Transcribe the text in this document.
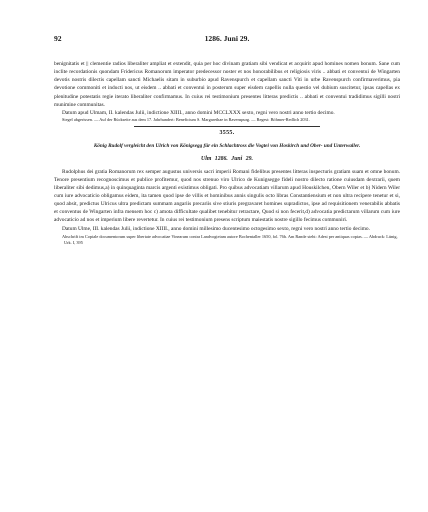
92	1286. Juni 29.

benignitatis et || clementie radios liberaliter ampliat et extendit, quia per hoc divinam gratiam sibi vendicat et acquirit apud homines nomen bonum. Sane cum inclite recordationis quondam Fridericus Romanorum imperator predecessor noster et nos honorabilibus et religiosis viris .. abbati et conventui de Wingarten devotis nostris dilectis capellam sancti Michaelis sitam in suburbio apud Ravenspurch et capellam sancti Viti in urbe Ravenspurch confirmaverimus, pia devotione commoniti et inducti nos, ut eisdem .. abbati et conventui in posterum super eisdem capellis nulla questio vel dubium suscitetur, ipsas capellas ex plenitudine potestatis regie iterato liberaliter confirmamus. In cuius rei testimonium presentes litteras predictis .. abbati et conventui tradidimus sigilli nostri munimine communitas.

Datum apud Ulmam, II. kalendas Julii, indictione XIIII., anno domini MCCLXXX sexto, regni vero nostri anno tertio decimo.

Siegel abgerissen. — Auf der Rückseite aus dem 17. Jahrhundert: Beneficium S. Margarethae in Ravenspurg. — Regest: Böhmer-Redlich 2031.

3555.

König Rudolf vergleicht den Ulrich von Königsegg für ein Schlachtross die Vogtei von Hoskirch und Ober- und Unterwaller.

Ulm 1286. Juni 29.

Rudolphus dei gratia Romanorum rex semper augustus universis sacri imperii Romani fidelibus presentes litteras inspecturis gratiam suam et omne bonum. Tenore presentium recognoscimus et publice profitemur, quod nos strenuo viro Ulrico de Kunigsegge fideli nostro dilecto ratione cuiusdam dextrarii, quem liberaliter sibi dedimus,a) in quinquaginta marcis argenti existimus obligati. Pro quibus advocatiam villarum apud Houskilchen, Obern Wiler et b) Nidern Wiler cum iure advocaticio obligamus eidem, ita tamen quod ipse de villis et hominibus annis singulis octo libras Constantiensium et non ultra recipere tenetur et si, quod absit, predictus Ulricus ultra predictam summam angariis precariis sive stiuris pregravaret homines supradictos, ipse ad requisitionem venerabilis abbatis et conventus de Wingarten infra mensem hoc c) amota difficultate qualibet tenebitur retractare, Quod si non fecerit,d) advocatia predictarum villarum cum iure advocaticio ad nos et imperium libere revertetur. In cuius rei testimonium presens scriptum maiestatis nostre sigillo fecimus communiri.

Datum Ulme, III. kalendas Julii, indictione XIIII., anno domini millesimo ducentesimo octogesimo sexto, regni vero nostri anno tertio decimo.

Abschrift im Copiale documentorum super libertate advocatiae Vinearum contra Landvogteiam autore Bochentaller 1650, fol. 76b. Am Rande steht: Adest per antiquas copias. — Abdruck: Lünig, Urk. I, 395
